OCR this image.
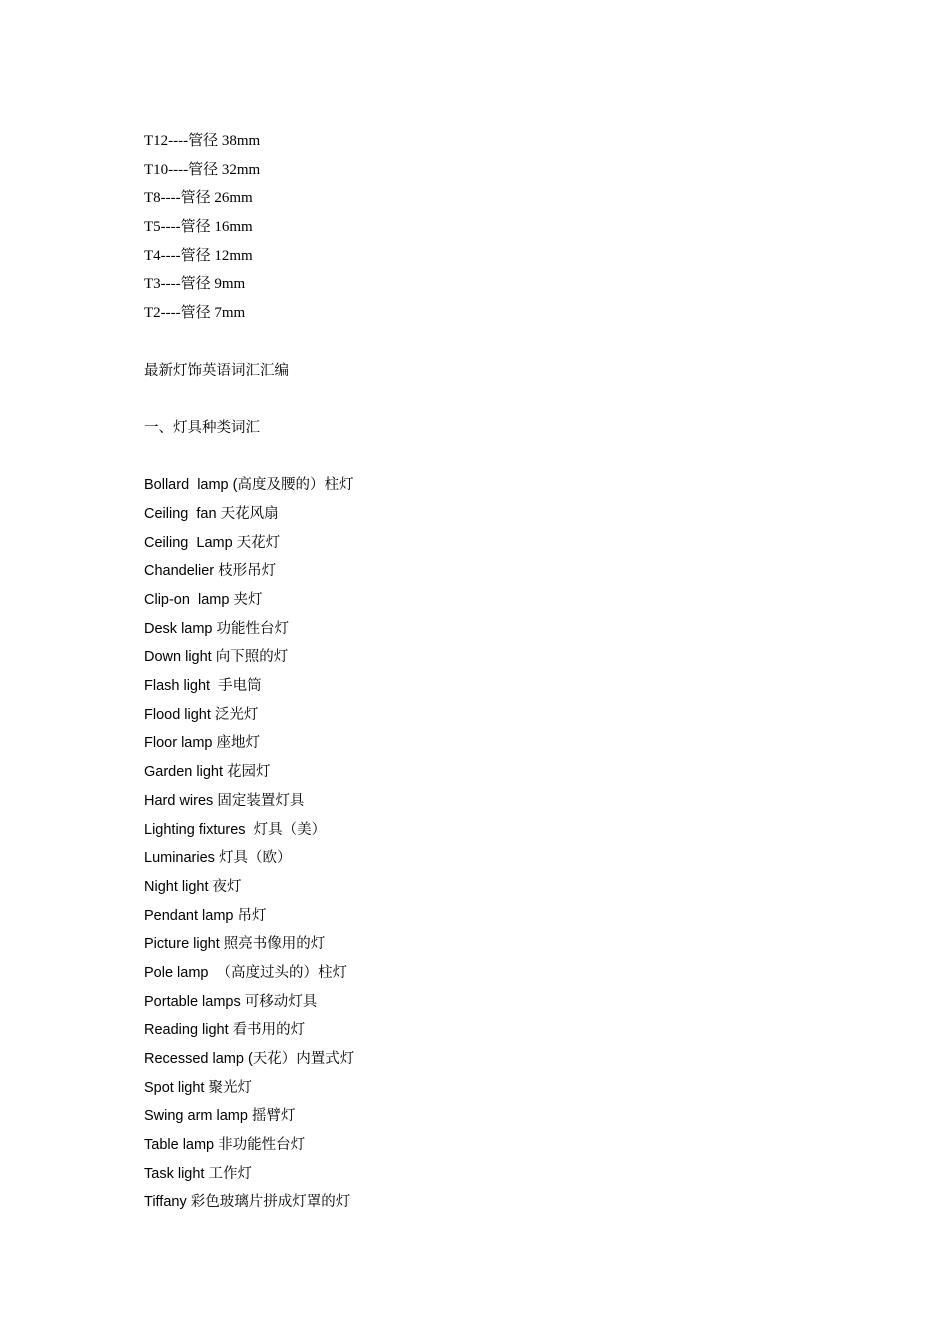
T12----管径 38mm
T10----管径 32mm
T8----管径 26mm
T5----管径 16mm
T4----管径 12mm
T3----管径 9mm
T2----管径 7mm
最新灯饰英语词汇汇编
一、灯具种类词汇
Bollard  lamp (高度及腰的）柱灯
Ceiling  fan 天花风扇
Ceiling  Lamp 天花灯
Chandelier 枝形吊灯
Clip-on  lamp 夹灯
Desk lamp 功能性台灯
Down light 向下照的灯
Flash light  手电筒
Flood light 泛光灯
Floor lamp 座地灯
Garden light 花园灯
Hard wires 固定装置灯具
Lighting fixtures  灯具（美）
Luminaries 灯具（欧）
Night light 夜灯
Pendant lamp 吊灯
Picture light 照亮书像用的灯
Pole lamp  （高度过头的）柱灯
Portable lamps 可移动灯具
Reading light 看书用的灯
Recessed lamp (天花）内置式灯
Spot light 聚光灯
Swing arm lamp 摇臂灯
Table lamp 非功能性台灯
Task light 工作灯
Tiffany 彩色玻璃片拼成灯罩的灯
